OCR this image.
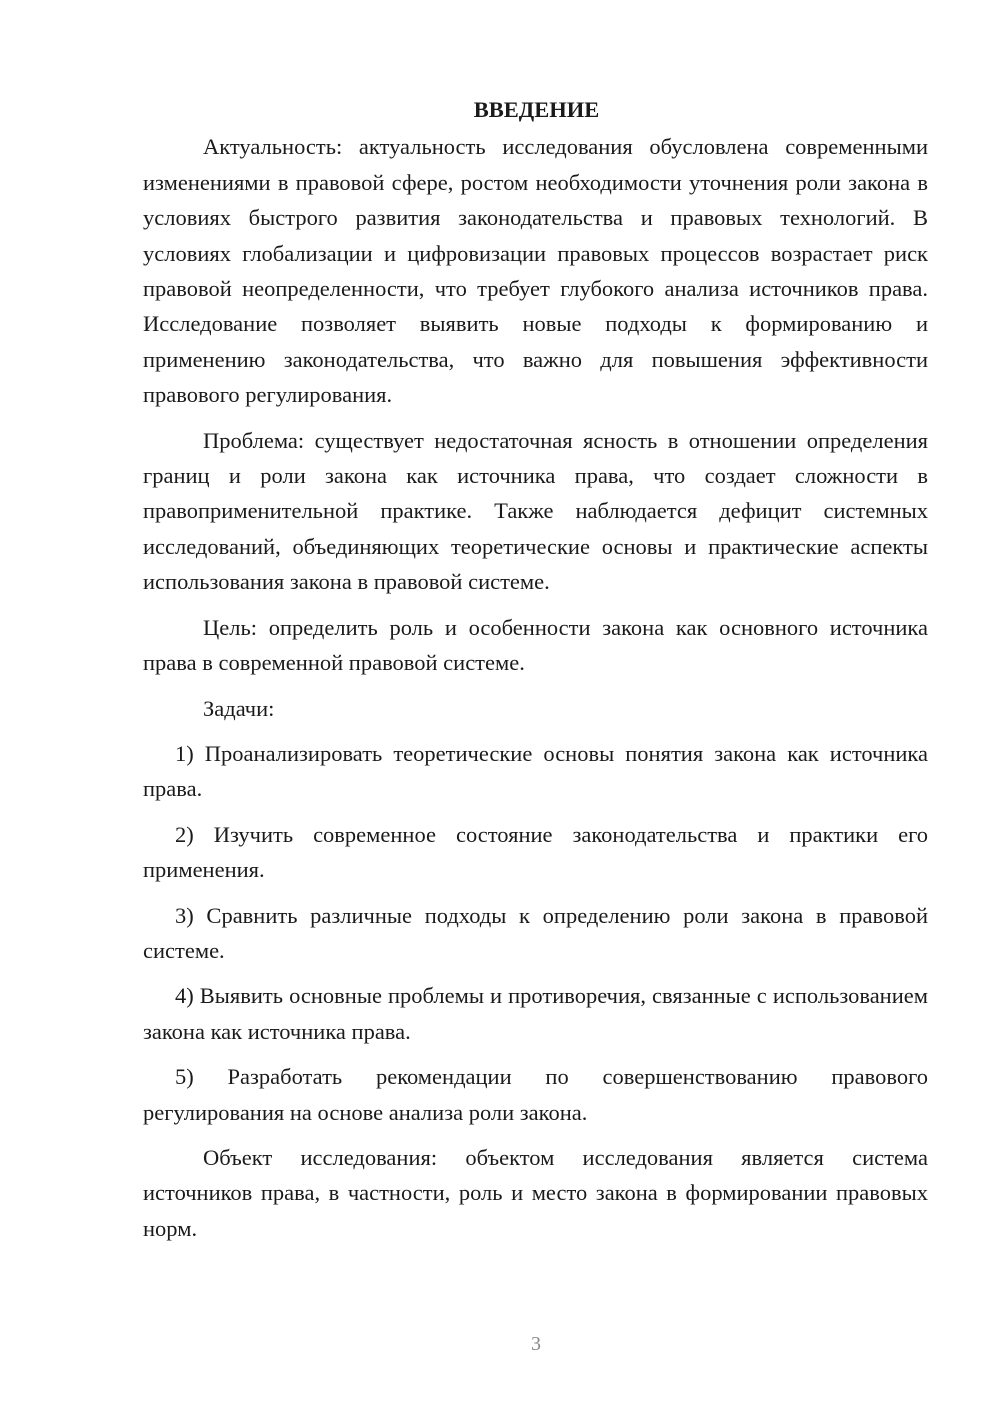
ВВЕДЕНИЕ

Актуальность: актуальность исследования обусловлена современными изменениями в правовой сфере, ростом необходимости уточнения роли закона в условиях быстрого развития законодательства и правовых технологий. В условиях глобализации и цифровизации правовых процессов возрастает риск правовой неопределенности, что требует глубокого анализа источников права. Исследование позволяет выявить новые подходы к формированию и применению законодательства, что важно для повышения эффективности правового регулирования.

Проблема: существует недостаточная ясность в отношении определения границ и роли закона как источника права, что создает сложности в правоприменительной практике. Также наблюдается дефицит системных исследований, объединяющих теоретические основы и практические аспекты использования закона в правовой системе.

Цель: определить роль и особенности закона как основного источника права в современной правовой системе.

Задачи:

1) Проанализировать теоретические основы понятия закона как источника права.

2) Изучить современное состояние законодательства и практики его применения.

3) Сравнить различные подходы к определению роли закона в правовой системе.

4) Выявить основные проблемы и противоречия, связанные с использованием закона как источника права.

5) Разработать рекомендации по совершенствованию правового регулирования на основе анализа роли закона.

Объект исследования: объектом исследования является система источников права, в частности, роль и место закона в формировании правовых норм.

3
